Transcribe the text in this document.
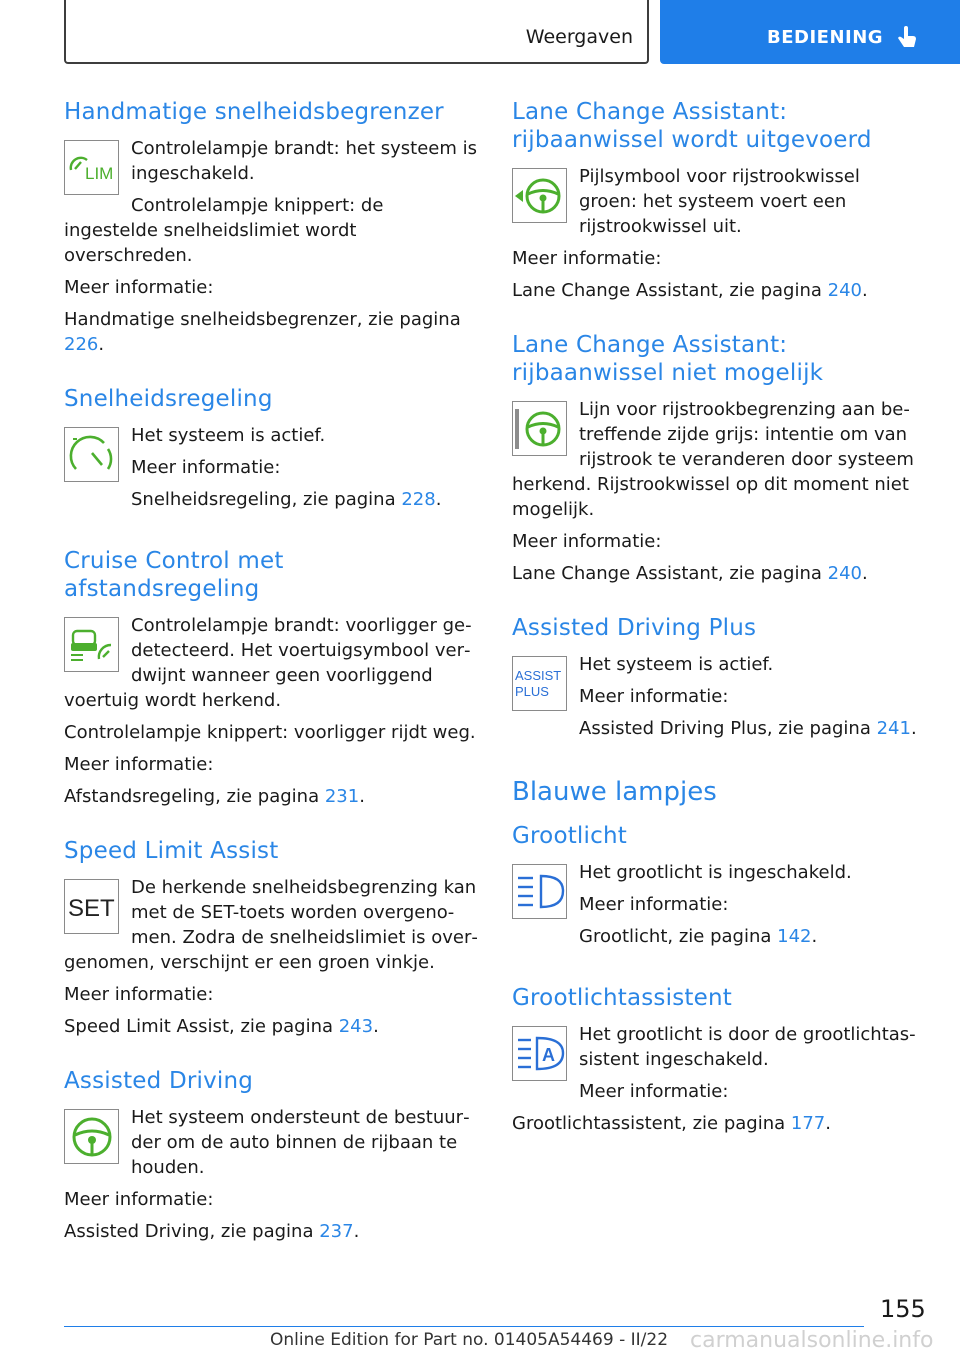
Weergaven	BEDIENING
Handmatige snelheidsbegrenzer
LIM

Controlelampje brandt: het systeem is ingeschakeld.

Controlelampje knippert: de ingestelde snelheidslimiet wordt overschreden.

Meer informatie:

Handmatige snelheidsbegrenzer, zie pagina 226.

Snelheidsregeling

Het systeem is actief.

Meer informatie:

Snelheidsregeling, zie pagina 228.

Cruise Control met afstandsregeling

Controlelampje brandt: voorligger gedetecteerd. Het voertuigsymbool verdwijnt wanneer geen voorliggend voertuig wordt herkend.

Controlelampje knippert: voorligger rijdt weg.

Meer informatie:

Afstandsregeling, zie pagina 231.

Speed Limit Assist
SET

De herkende snelheidsbegrenzing kan met de SET-toets worden overgenomen. Zodra de snelheidslimiet is overgenomen, verschijnt er een groen vinkje.

Meer informatie:

Speed Limit Assist, zie pagina 243.

Assisted Driving

Het systeem ondersteunt de bestuurder om de auto binnen de rijbaan te houden.

Meer informatie:

Assisted Driving, zie pagina 237.

Lane Change Assistant: rijbaanwissel wordt uitgevoerd

Pijlsymbool voor rijstrookwissel groen: het systeem voert een rijstrookwissel uit.

Meer informatie:

Lane Change Assistant, zie pagina 240.

Lane Change Assistant: rijbaanwissel niet mogelijk

Lijn voor rijstrookbegrenzing aan betreffende zijde grijs: intentie om van rijstrook te veranderen door systeem herkend. Rijstrookwissel op dit moment niet mogelijk.

Meer informatie:

Lane Change Assistant, zie pagina 240.

Assisted Driving Plus
ASSIST
PLUS

Het systeem is actief.

Meer informatie:

Assisted Driving Plus, zie pagina 241.

Blauwe lampjes
Grootlicht

Het grootlicht is ingeschakeld.

Meer informatie:

Grootlicht, zie pagina 142.

Grootlichtassistent
A

Het grootlicht is door de grootlichtassistent ingeschakeld.

Meer informatie:

Grootlichtassistent, zie pagina 177.

155
Online Edition for Part no. 01405A54469 - II/22 carmanualsonline.info
